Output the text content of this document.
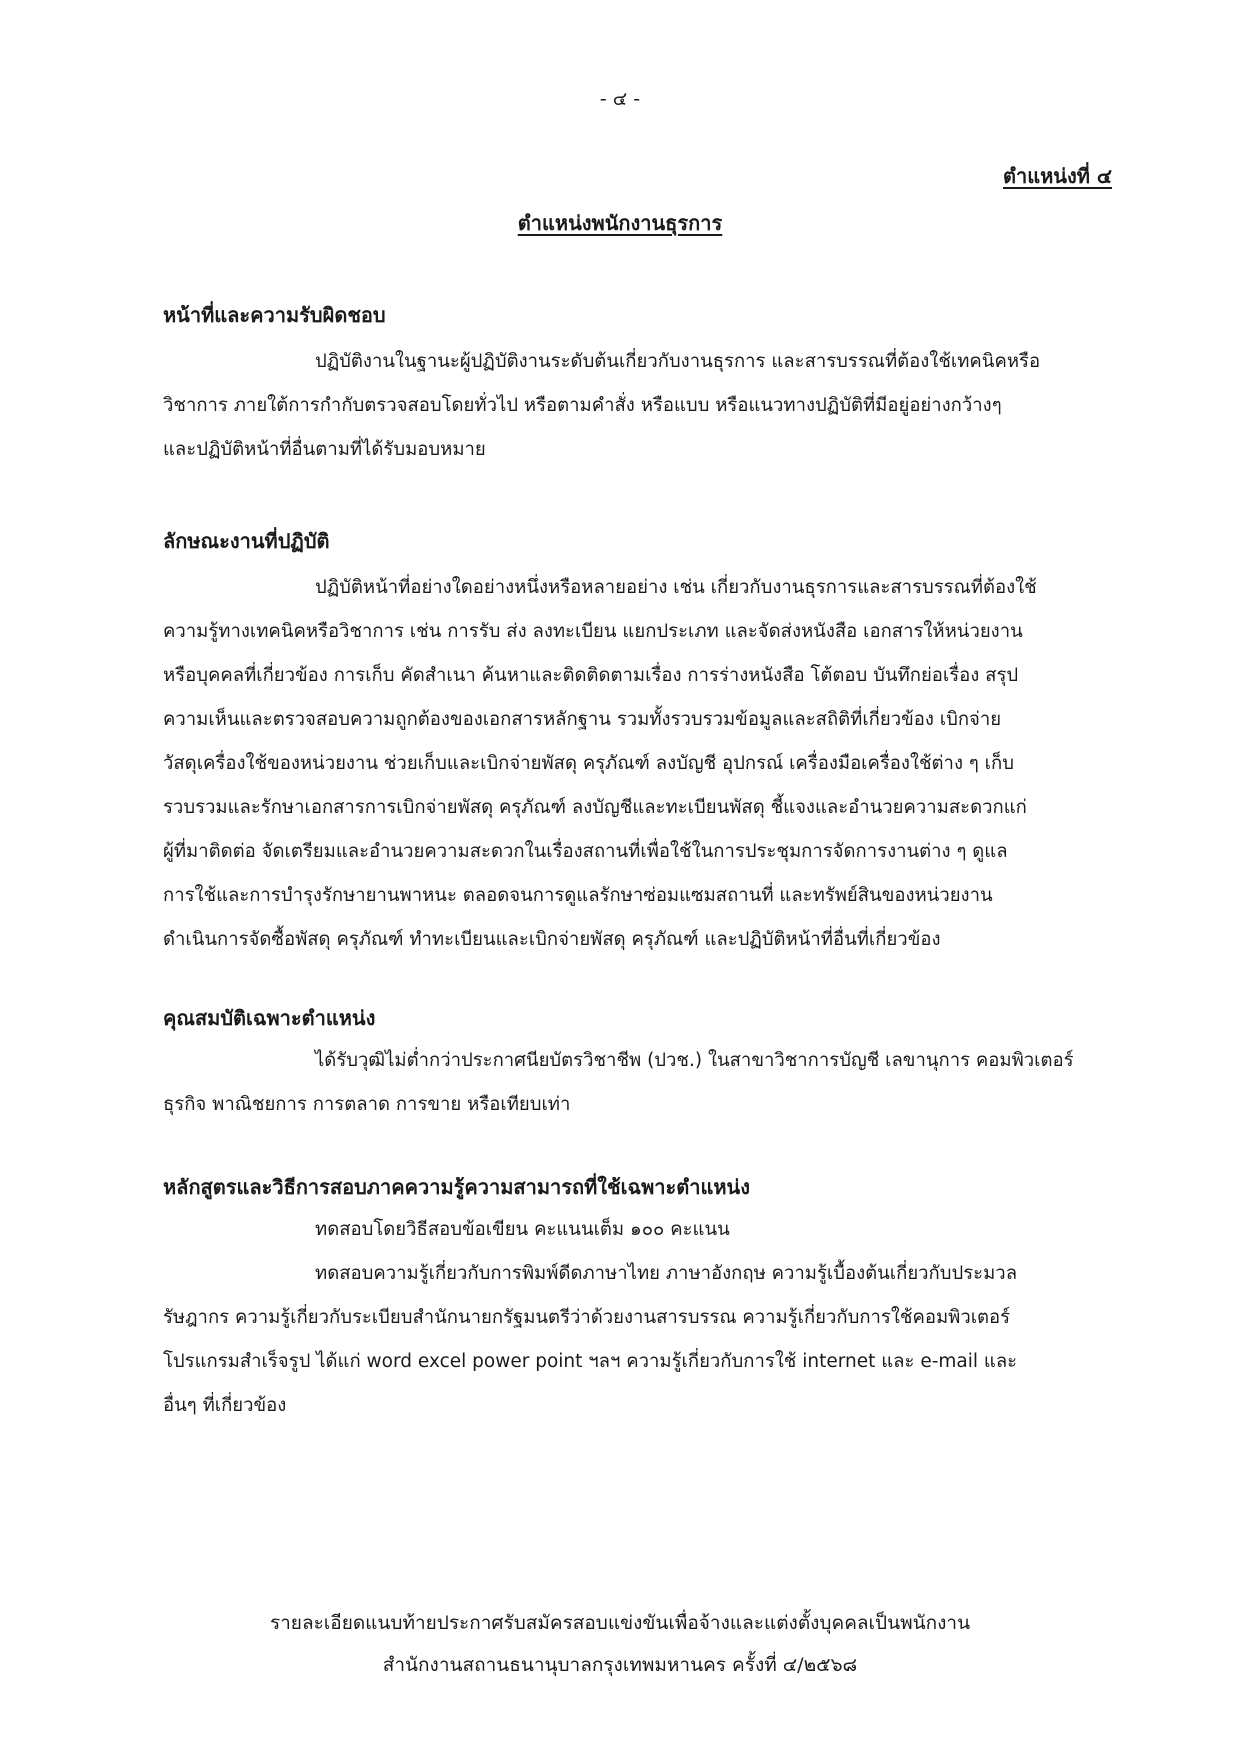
- ๔ -
ตำแหน่งที่ ๔
ตำแหน่งพนักงานธุรการ
หน้าที่และความรับผิดชอบ
ปฏิบัติงานในฐานะผู้ปฏิบัติงานระดับต้นเกี่ยวกับงานธุรการ และสารบรรณที่ต้องใช้เทคนิคหรือ
วิชาการ ภายใต้การกำกับตรวจสอบโดยทั่วไป หรือตามคำสั่ง หรือแบบ หรือแนวทางปฏิบัติที่มีอยู่อย่างกว้างๆ
และปฏิบัติหน้าที่อื่นตามที่ได้รับมอบหมาย
ลักษณะงานที่ปฏิบัติ
ปฏิบัติหน้าที่อย่างใดอย่างหนึ่งหรือหลายอย่าง เช่น เกี่ยวกับงานธุรการและสารบรรณที่ต้องใช้
ความรู้ทางเทคนิคหรือวิชาการ เช่น การรับ ส่ง ลงทะเบียน แยกประเภท และจัดส่งหนังสือ เอกสารให้หน่วยงาน
หรือบุคคลที่เกี่ยวข้อง การเก็บ คัดสำเนา ค้นหาและติดติดตามเรื่อง การร่างหนังสือ โต้ตอบ บันทึกย่อเรื่อง สรุป
ความเห็นและตรวจสอบความถูกต้องของเอกสารหลักฐาน รวมทั้งรวบรวมข้อมูลและสถิติที่เกี่ยวข้อง เบิกจ่าย
วัสดุเครื่องใช้ของหน่วยงาน ช่วยเก็บและเบิกจ่ายพัสดุ ครุภัณฑ์ ลงบัญชี อุปกรณ์ เครื่องมือเครื่องใช้ต่าง ๆ เก็บ
รวบรวมและรักษาเอกสารการเบิกจ่ายพัสดุ ครุภัณฑ์ ลงบัญชีและทะเบียนพัสดุ ชี้แจงและอำนวยความสะดวกแก่
ผู้ที่มาติดต่อ จัดเตรียมและอำนวยความสะดวกในเรื่องสถานที่เพื่อใช้ในการประชุมการจัดการงานต่าง ๆ ดูแล
การใช้และการบำรุงรักษายานพาหนะ ตลอดจนการดูแลรักษาซ่อมแซมสถานที่ และทรัพย์สินของหน่วยงาน
ดำเนินการจัดซื้อพัสดุ ครุภัณฑ์ ทำทะเบียนและเบิกจ่ายพัสดุ ครุภัณฑ์ และปฏิบัติหน้าที่อื่นที่เกี่ยวข้อง
คุณสมบัติเฉพาะตำแหน่ง
ได้รับวุฒิไม่ต่ำกว่าประกาศนียบัตรวิชาชีพ (ปวช.) ในสาขาวิชาการบัญชี เลขานุการ คอมพิวเตอร์
ธุรกิจ พาณิชยการ การตลาด การขาย หรือเทียบเท่า
หลักสูตรและวิธีการสอบภาคความรู้ความสามารถที่ใช้เฉพาะตำแหน่ง
ทดสอบโดยวิธีสอบข้อเขียน คะแนนเต็ม ๑๐๐ คะแนน
ทดสอบความรู้เกี่ยวกับการพิมพ์ดีดภาษาไทย ภาษาอังกฤษ ความรู้เบื้องต้นเกี่ยวกับประมวล
รัษฎากร ความรู้เกี่ยวกับระเบียบสำนักนายกรัฐมนตรีว่าด้วยงานสารบรรณ ความรู้เกี่ยวกับการใช้คอมพิวเตอร์
โปรแกรมสำเร็จรูป ได้แก่ word excel power point ฯลฯ ความรู้เกี่ยวกับการใช้ internet และ e-mail และ
อื่นๆ ที่เกี่ยวข้อง
รายละเอียดแนบท้ายประกาศรับสมัครสอบแข่งขันเพื่อจ้างและแต่งตั้งบุคคลเป็นพนักงาน
สำนักงานสถานธนานุบาลกรุงเทพมหานคร ครั้งที่ ๔/๒๕๖๘
